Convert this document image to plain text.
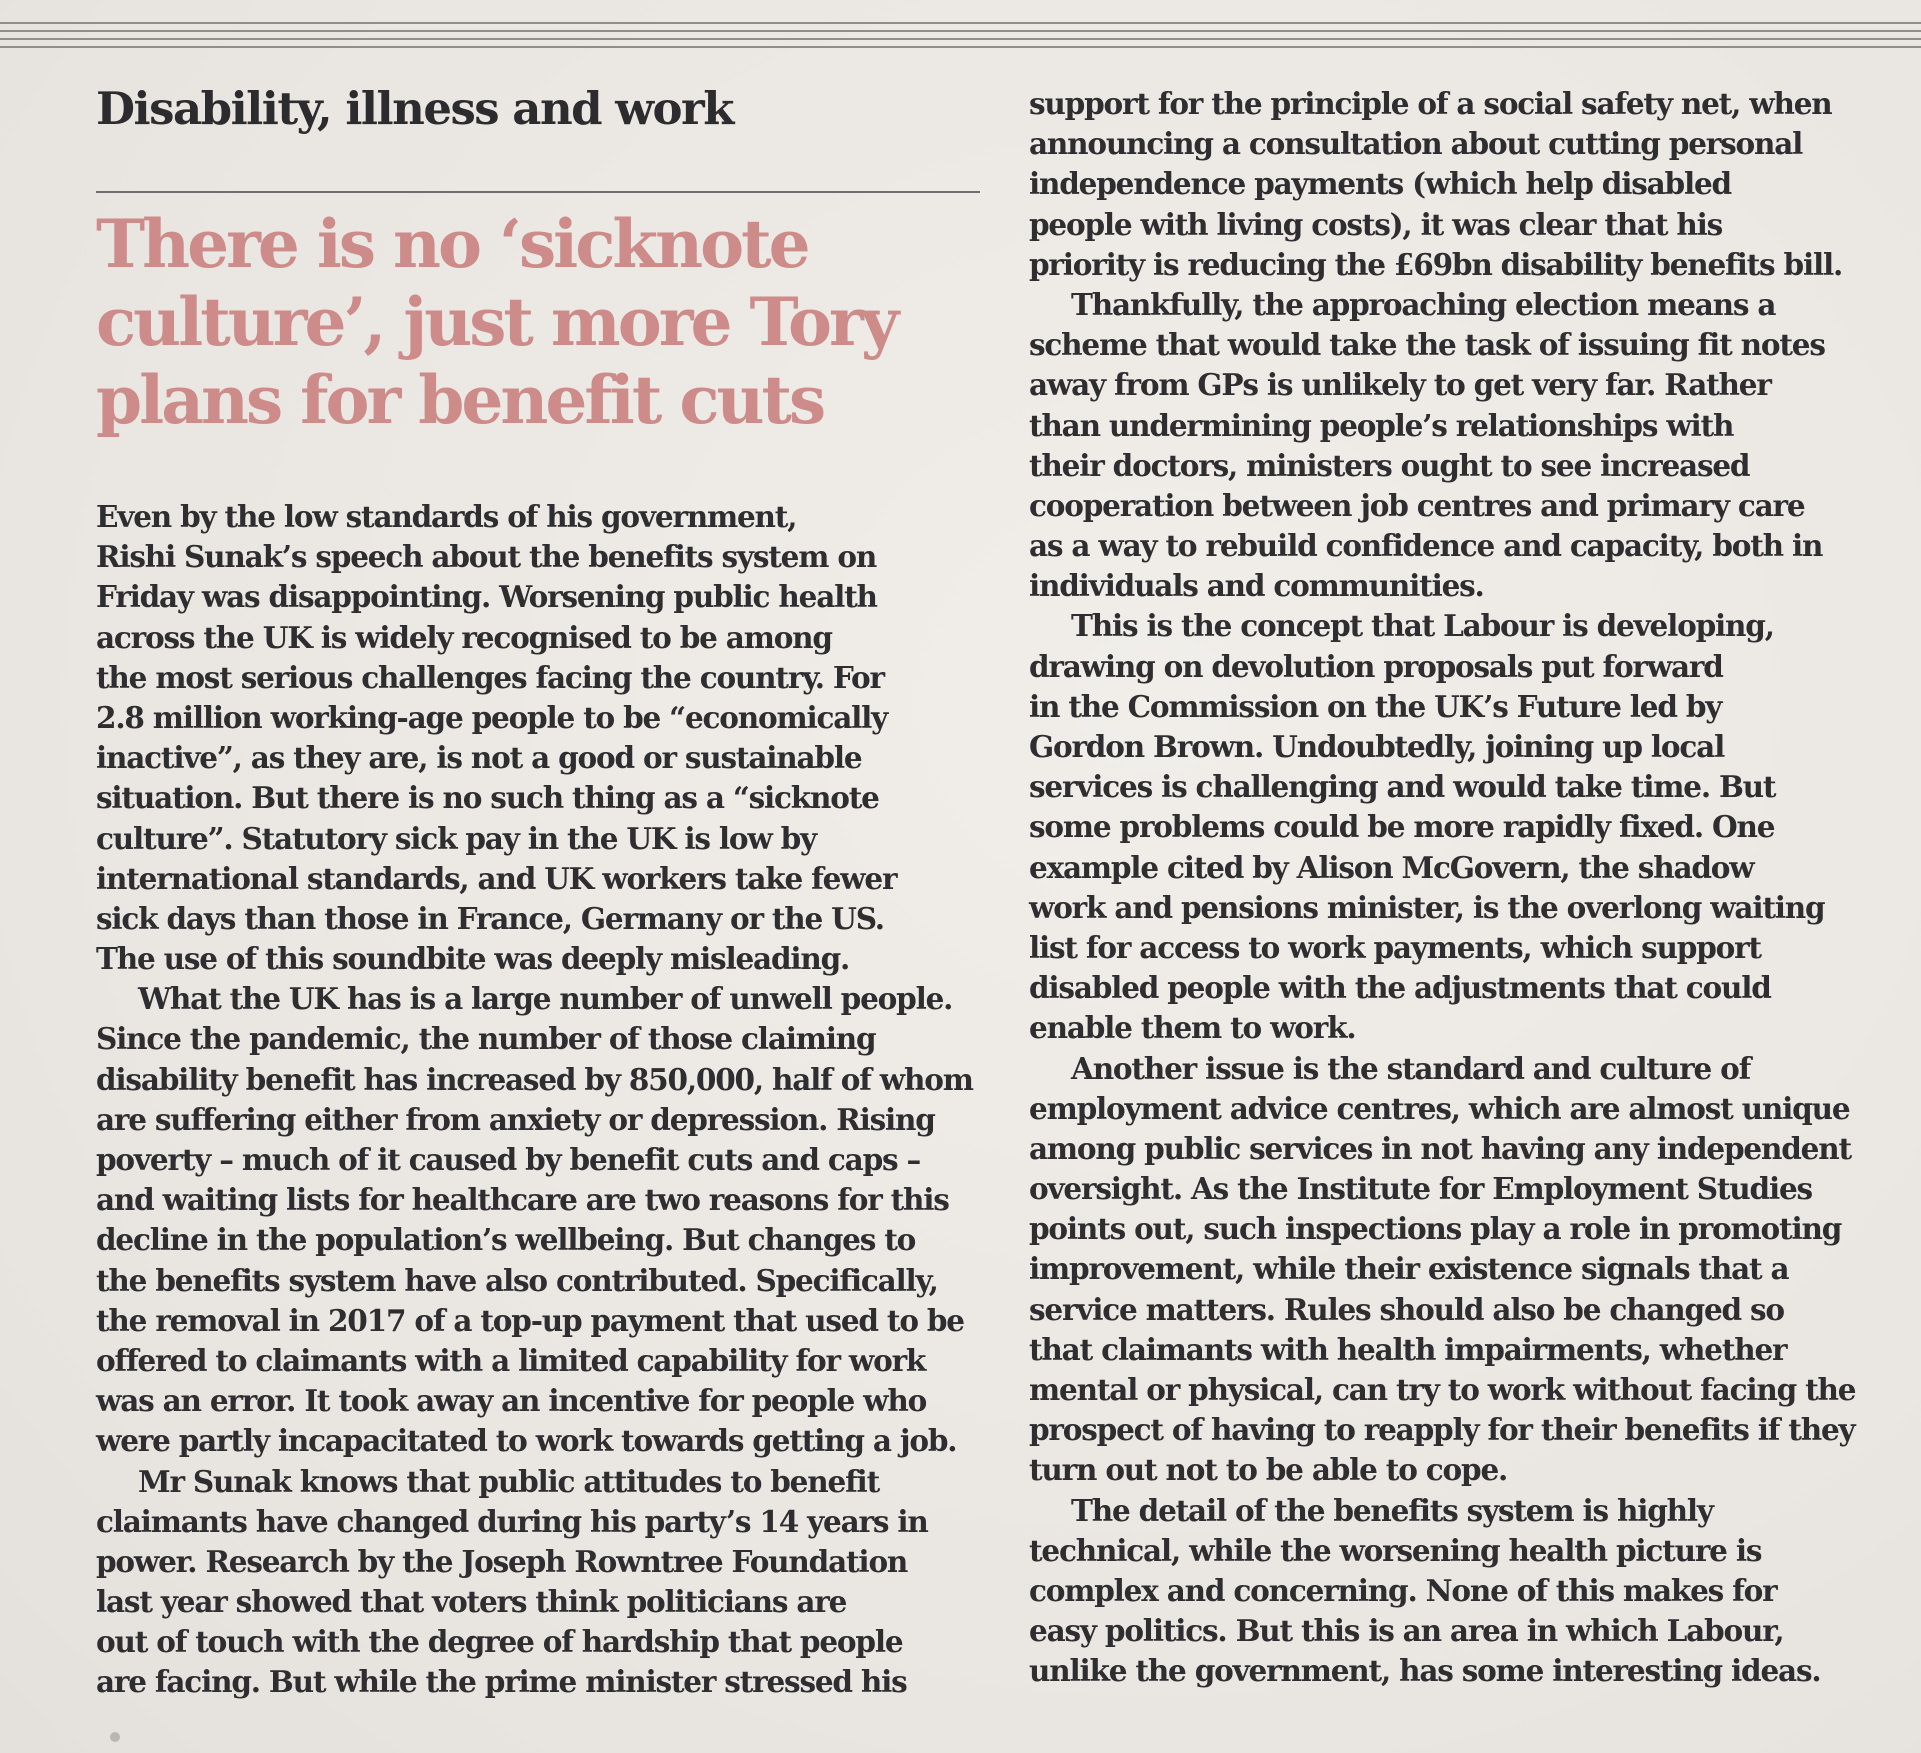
Disability, illness and work
There is no ‘sicknote
culture’, just more Tory
plans for benefit cuts
Even by the low standards of his government,
Rishi Sunak’s speech about the benefits system on
Friday was disappointing. Worsening public health
across the UK is widely recognised to be among
the most serious challenges facing the country. For
2.8 million working-age people to be “economically
inactive”, as they are, is not a good or sustainable
situation. But there is no such thing as a “sicknote
culture”. Statutory sick pay in the UK is low by
international standards, and UK workers take fewer
sick days than those in France, Germany or the US.
The use of this soundbite was deeply misleading.
What the UK has is a large number of unwell people.
Since the pandemic, the number of those claiming
disability benefit has increased by 850,000, half of whom
are suffering either from anxiety or depression. Rising
poverty – much of it caused by benefit cuts and caps –
and waiting lists for healthcare are two reasons for this
decline in the population’s wellbeing. But changes to
the benefits system have also contributed. Specifically,
the removal in 2017 of a top-up payment that used to be
offered to claimants with a limited capability for work
was an error. It took away an incentive for people who
were partly incapacitated to work towards getting a job.
Mr Sunak knows that public attitudes to benefit
claimants have changed during his party’s 14 years in
power. Research by the Joseph Rowntree Foundation
last year showed that voters think politicians are
out of touch with the degree of hardship that people
are facing. But while the prime minister stressed his
support for the principle of a social safety net, when
announcing a consultation about cutting personal
independence payments (which help disabled
people with living costs), it was clear that his
priority is reducing the £69bn disability benefits bill.
Thankfully, the approaching election means a
scheme that would take the task of issuing fit notes
away from GPs is unlikely to get very far. Rather
than undermining people’s relationships with
their doctors, ministers ought to see increased
cooperation between job centres and primary care
as a way to rebuild confidence and capacity, both in
individuals and communities.
This is the concept that Labour is developing,
drawing on devolution proposals put forward
in the Commission on the UK’s Future led by
Gordon Brown. Undoubtedly, joining up local
services is challenging and would take time. But
some problems could be more rapidly fixed. One
example cited by Alison McGovern, the shadow
work and pensions minister, is the overlong waiting
list for access to work payments, which support
disabled people with the adjustments that could
enable them to work.
Another issue is the standard and culture of
employment advice centres, which are almost unique
among public services in not having any independent
oversight. As the Institute for Employment Studies
points out, such inspections play a role in promoting
improvement, while their existence signals that a
service matters. Rules should also be changed so
that claimants with health impairments, whether
mental or physical, can try to work without facing the
prospect of having to reapply for their benefits if they
turn out not to be able to cope.
The detail of the benefits system is highly
technical, while the worsening health picture is
complex and concerning. None of this makes for
easy politics. But this is an area in which Labour,
unlike the government, has some interesting ideas.
